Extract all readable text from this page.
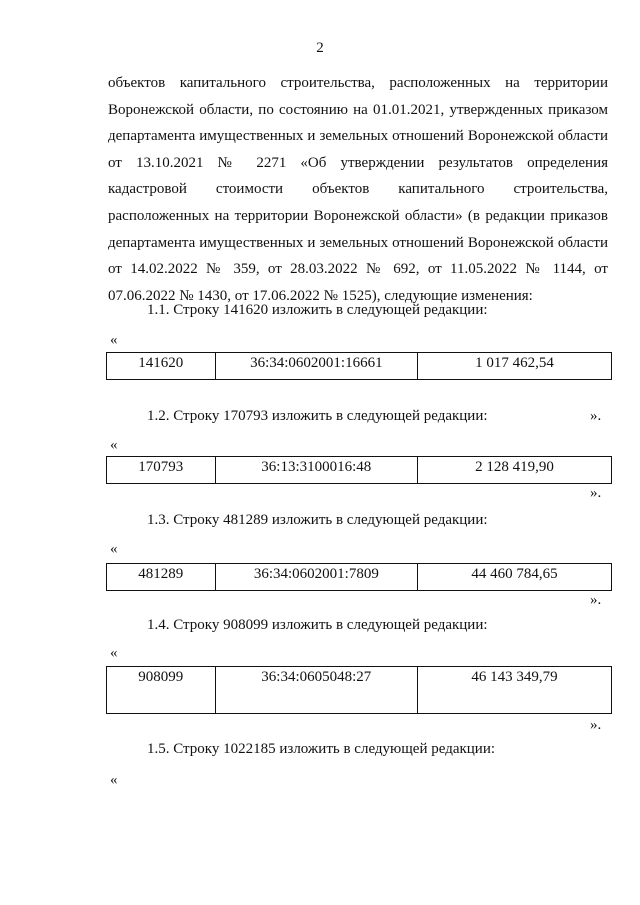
2
объектов капитального строительства, расположенных на территории
Воронежской области, по состоянию на 01.01.2021, утвержденных приказом
департамента имущественных и земельных отношений Воронежской области
от 13.10.2021 № 2271 «Об утверждении результатов определения
кадастровой стоимости объектов капитального строительства,
расположенных на территории Воронежской области» (в редакции приказов
департамента имущественных и земельных отношений Воронежской области
от 14.02.2022 № 359, от 28.03.2022 № 692, от 11.05.2022 № 1144, от
07.06.2022 № 1430, от 17.06.2022 № 1525), следующие изменения:
1.1. Строку 141620 изложить в следующей редакции:
«
141620	36:34:0602001:16661	1 017 462,54
».
1.2. Строку 170793 изложить в следующей редакции:
«
170793	36:13:3100016:48	2 128 419,90
».
1.3. Строку 481289 изложить в следующей редакции:
«
481289	36:34:0602001:7809	44 460 784,65
».
1.4. Строку 908099 изложить в следующей редакции:
«
908099	36:34:0605048:27	46 143 349,79
».
1.5. Строку 1022185 изложить в следующей редакции:
«
